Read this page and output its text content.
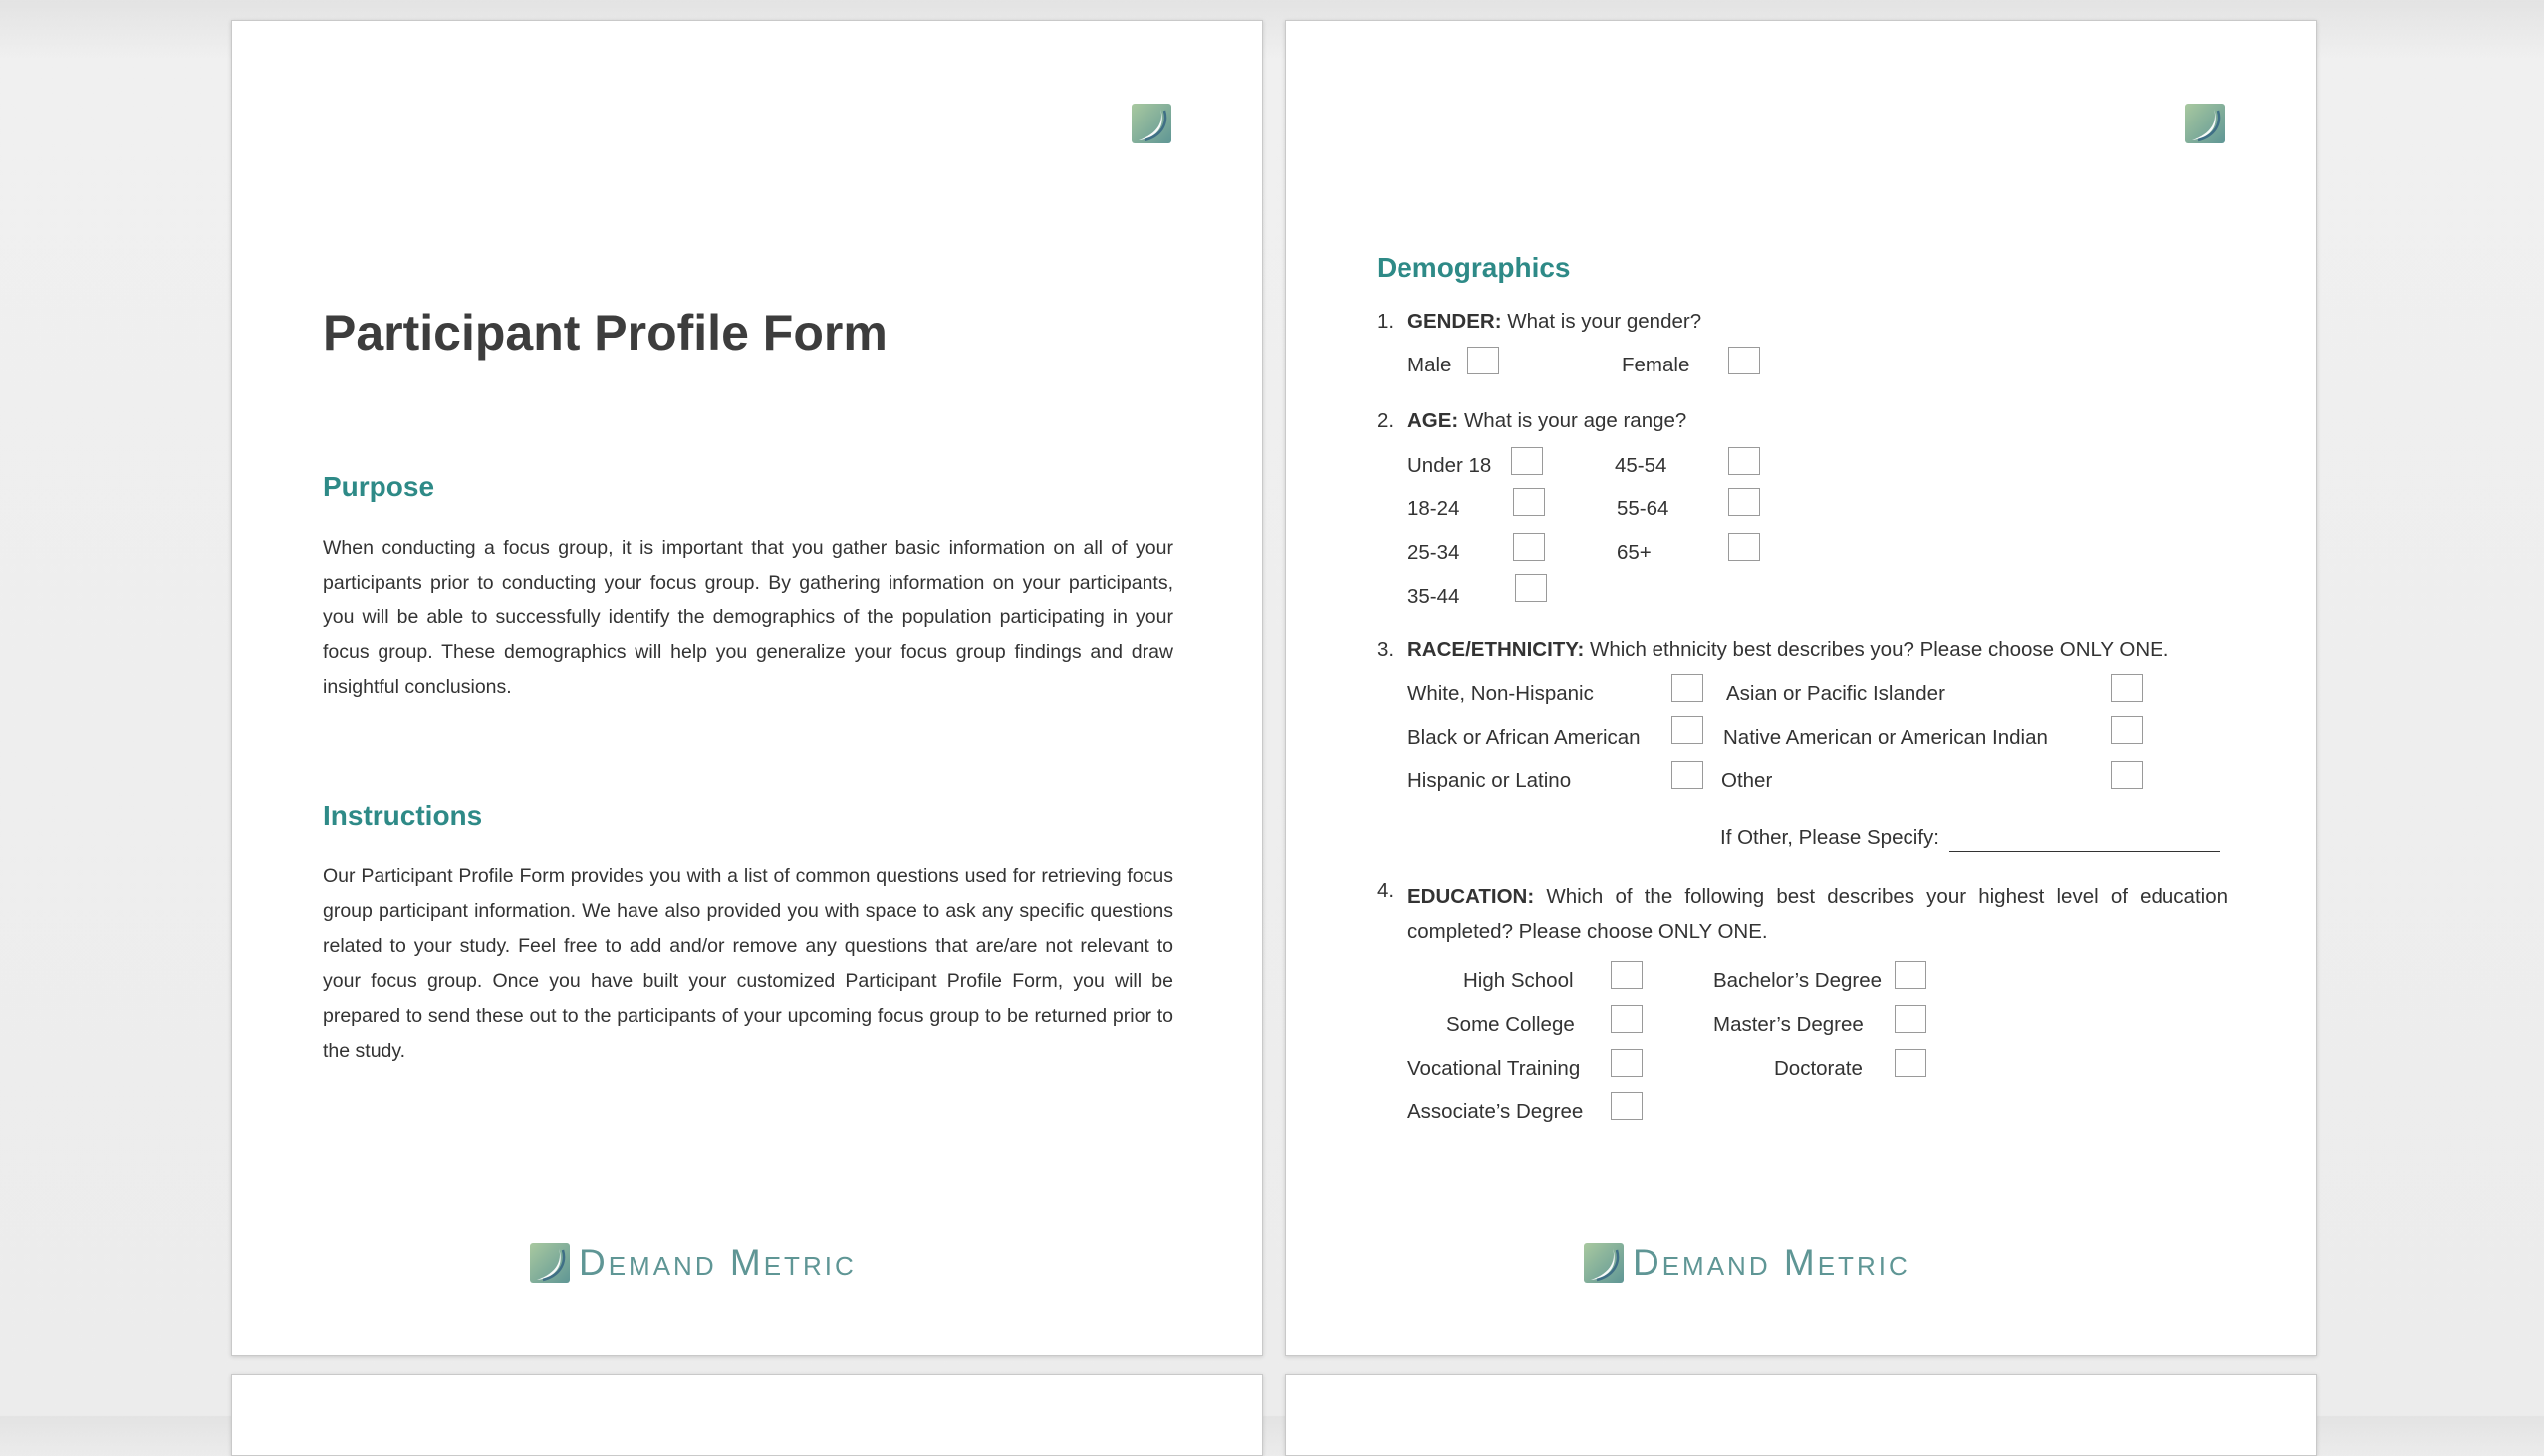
Participant Profile Form
Purpose

When conducting a focus group, it is important that you gather basic information on all of your participants prior to conducting your focus group. By gathering information on your participants, you will be able to successfully identify the demographics of the population participating in your focus group. These demographics will help you generalize your focus group findings and draw insightful conclusions.

Instructions

Our Participant Profile Form provides you with a list of common questions used for retrieving focus group participant information. We have also provided you with space to ask any specific questions related to your study. Feel free to add and/or remove any questions that are/are not relevant to your focus group. Once you have built your customized Participant Profile Form, you will be prepared to send these out to the participants of your upcoming focus group to be returned prior to the study.

Demand Metric
Demographics
1. GENDER: What is your gender?
Male	Female
2. AGE: What is your age range?
Under 18
18-24
25-34
35-44
45-54
55-64
65+
3. RACE/ETHNICITY: Which ethnicity best describes you? Please choose ONLY ONE.
White, Non-Hispanic
Black or African American
Hispanic or Latino
Asian or Pacific Islander
Native American or American Indian
Other
If Other, Please Specify:
4. EDUCATION: Which of the following best describes your highest level of education
completed? Please choose ONLY ONE.
High School
Some College
Vocational Training
Associate’s Degree
Bachelor’s Degree
Master’s Degree
Doctorate
Demand Metric
